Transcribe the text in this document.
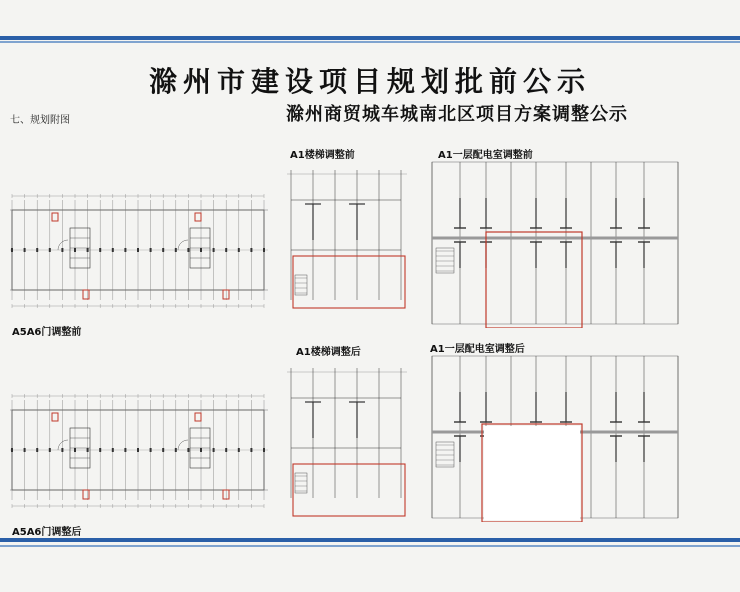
滁州市建设项目规划批前公示
滁州商贸城车城南北区项目方案调整公示
七、规划附图
A1楼梯调整前	A1一层配电室调整前
A5A6门调整前
A1楼梯调整后	A1一层配电室调整后
A5A6门调整后
